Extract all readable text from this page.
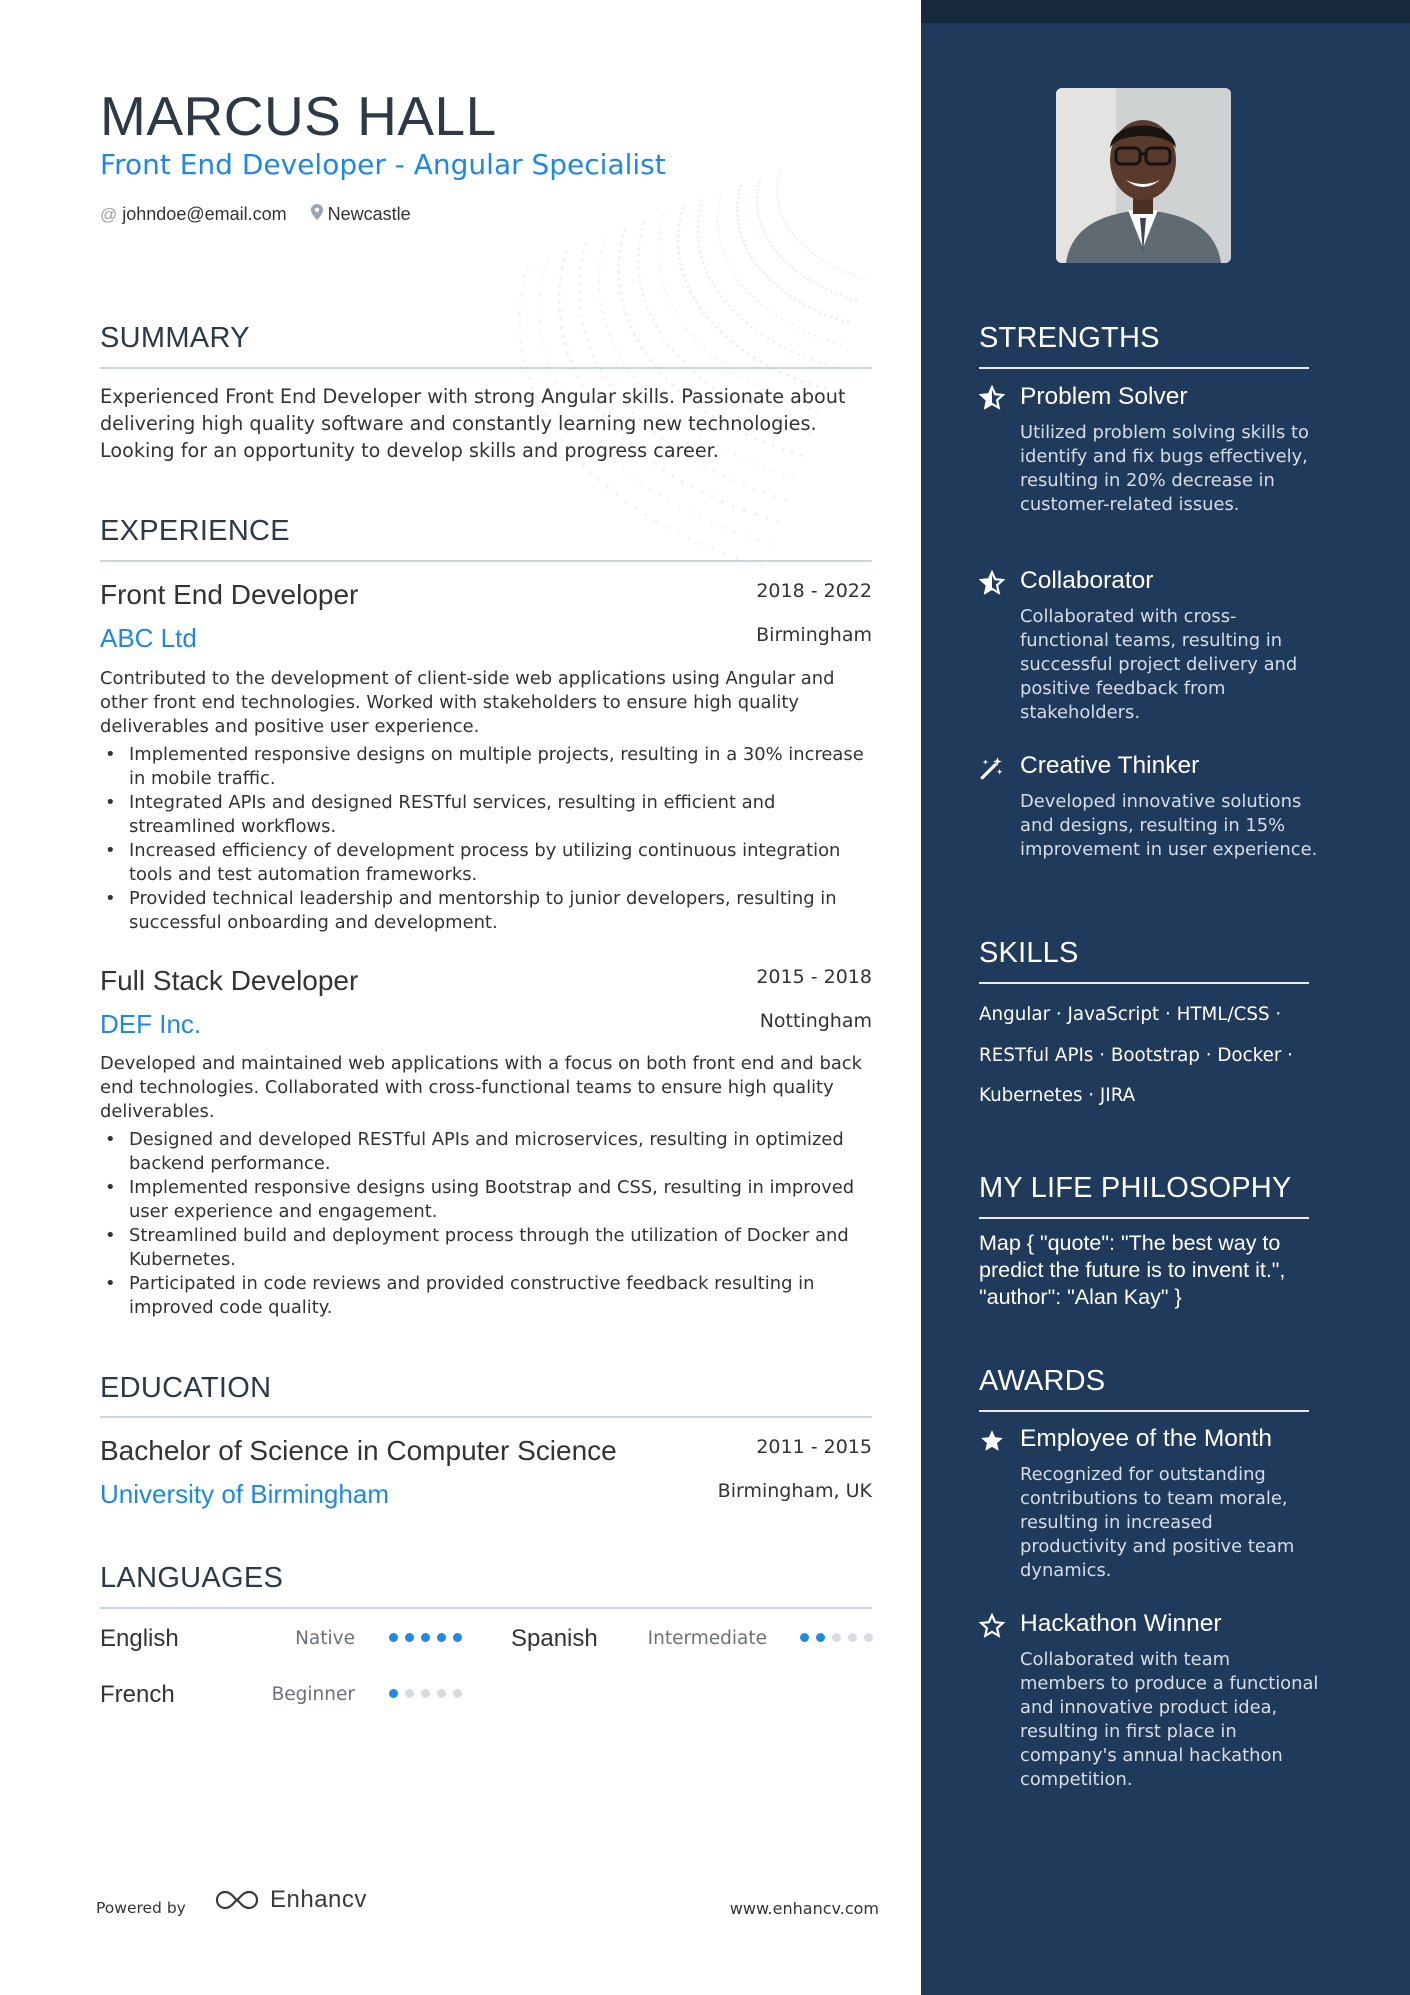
MARCUS HALL
Front End Developer - Angular Specialist
@ johndoe@email.com Newcastle
SUMMARY
Experienced Front End Developer with strong Angular skills. Passionate about delivering high quality software and constantly learning new technologies. Looking for an opportunity to develop skills and progress career.
EXPERIENCE
Front End Developer	2018 - 2022
ABC Ltd	Birmingham
Contributed to the development of client-side web applications using Angular and other front end technologies. Worked with stakeholders to ensure high quality deliverables and positive user experience.
• Implemented responsive designs on multiple projects, resulting in a 30% increase in mobile traffic.
• Integrated APIs and designed RESTful services, resulting in efficient and streamlined workflows.
• Increased efficiency of development process by utilizing continuous integration tools and test automation frameworks.
• Provided technical leadership and mentorship to junior developers, resulting in successful onboarding and development.
Full Stack Developer	2015 - 2018
DEF Inc.	Nottingham
Developed and maintained web applications with a focus on both front end and back end technologies. Collaborated with cross-functional teams to ensure high quality deliverables.
• Designed and developed RESTful APIs and microservices, resulting in optimized backend performance.
• Implemented responsive designs using Bootstrap and CSS, resulting in improved user experience and engagement.
• Streamlined build and deployment process through the utilization of Docker and Kubernetes.
• Participated in code reviews and provided constructive feedback resulting in improved code quality.
EDUCATION
Bachelor of Science in Computer Science	2011 - 2015
University of Birmingham	Birmingham, UK
LANGUAGES
English	Native	Spanish	Intermediate
French	Beginner
Powered by	Enhancv	www.enhancv.com
STRENGTHS
Problem Solver
Utilized problem solving skills to identify and fix bugs effectively, resulting in 20% decrease in customer-related issues.
Collaborator
Collaborated with cross-functional teams, resulting in successful project delivery and positive feedback from stakeholders.
Creative Thinker
Developed innovative solutions and designs, resulting in 15% improvement in user experience.
SKILLS
Angular · JavaScript · HTML/CSS ·
RESTful APIs · Bootstrap · Docker ·
Kubernetes · JIRA
MY LIFE PHILOSOPHY
Map { "quote": "The best way to predict the future is to invent it.", "author": "Alan Kay" }
AWARDS
Employee of the Month
Recognized for outstanding contributions to team morale, resulting in increased productivity and positive team dynamics.
Hackathon Winner
Collaborated with team members to produce a functional and innovative product idea, resulting in first place in company's annual hackathon competition.
